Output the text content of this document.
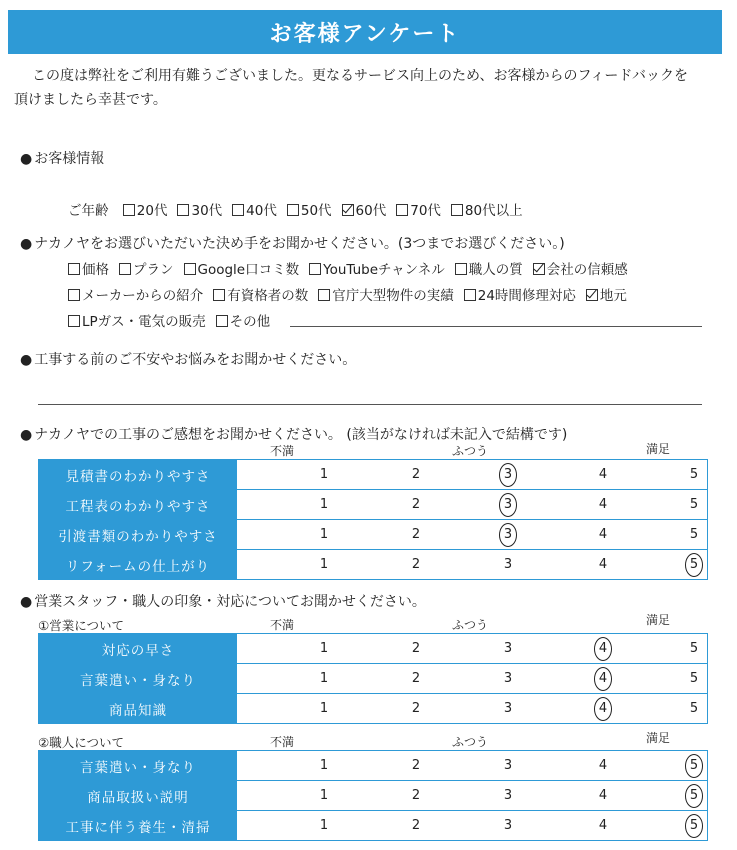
お客様アンケート
この度は弊社をご利用有難うございました。更なるサービス向上のため、お客様からのフィードバックを
頂けましたら幸甚です。
● お客様情報
ご年齢 20代 30代 40代 50代 60代 70代 80代以上
● ナカノヤをお選びいただいた決め手をお聞かせください。(3つまでお選びください。)
価格 プラン Google口コミ数 YouTubeチャンネル 職人の質 会社の信頼感
メーカーからの紹介 有資格者の数 官庁大型物件の実績 24時間修理対応 地元
LPガス・電気の販売 その他
● 工事する前のご不安やお悩みをお聞かせください。
● ナカノヤでの工事のご感想をお聞かせください。 (該当がなければ未記入で結構です)
不満	ふつう	満足
見積書のわかりやすさ	1	2	3	4	5
工程表のわかりやすさ	1	2	3	4	5
引渡書類のわかりやすさ	1	2	3	4	5
リフォームの仕上がり	1	2	3	4	5
● 営業スタッフ・職人の印象・対応についてお聞かせください。
①営業について	不満	ふつう	満足
対応の早さ	1	2	3	4	5
言葉遣い・身なり	1	2	3	4	5
商品知識	1	2	3	4	5
②職人について	不満	ふつう	満足
言葉遣い・身なり	1	2	3	4	5
商品取扱い説明	1	2	3	4	5
工事に伴う養生・清掃	1	2	3	4	5
